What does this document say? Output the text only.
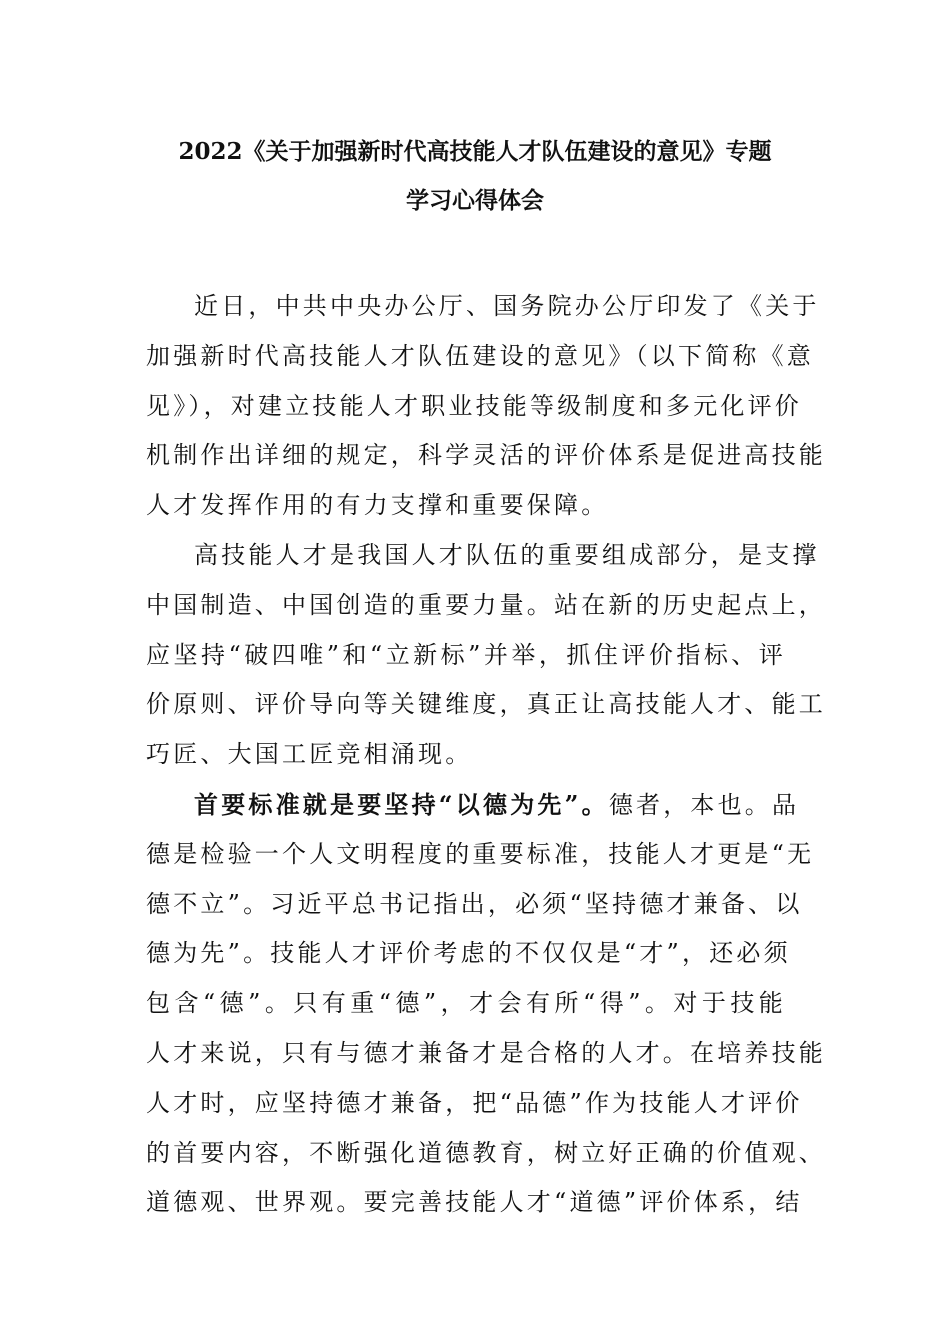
2022《关于加强新时代高技能人才队伍建设的意见》专题
学习心得体会
近日，中共中央办公厅、国务院办公厅印发了《关于
加强新时代高技能人才队伍建设的意见》（以下简称《意
见》），对建立技能人才职业技能等级制度和多元化评价
机制作出详细的规定，科学灵活的评价体系是促进高技能
人才发挥作用的有力支撑和重要保障。
高技能人才是我国人才队伍的重要组成部分，是支撑
中国制造、中国创造的重要力量。站在新的历史起点上，
应坚持“破四唯”和“立新标”并举，抓住评价指标、评
价原则、评价导向等关键维度，真正让高技能人才、能工
巧匠、大国工匠竞相涌现。
首要标准就是要坚持“以德为先”。德者，本也。品
德是检验一个人文明程度的重要标准，技能人才更是“无
德不立”。习近平总书记指出，必须“坚持德才兼备、以
德为先”。技能人才评价考虑的不仅仅是“才”，还必须
包含“德”。只有重“德”，才会有所“得”。对于技能
人才来说，只有与德才兼备才是合格的人才。在培养技能
人才时，应坚持德才兼备，把“品德”作为技能人才评价
的首要内容，不断强化道德教育，树立好正确的价值观、
道德观、世界观。要完善技能人才“道德”评价体系，结
